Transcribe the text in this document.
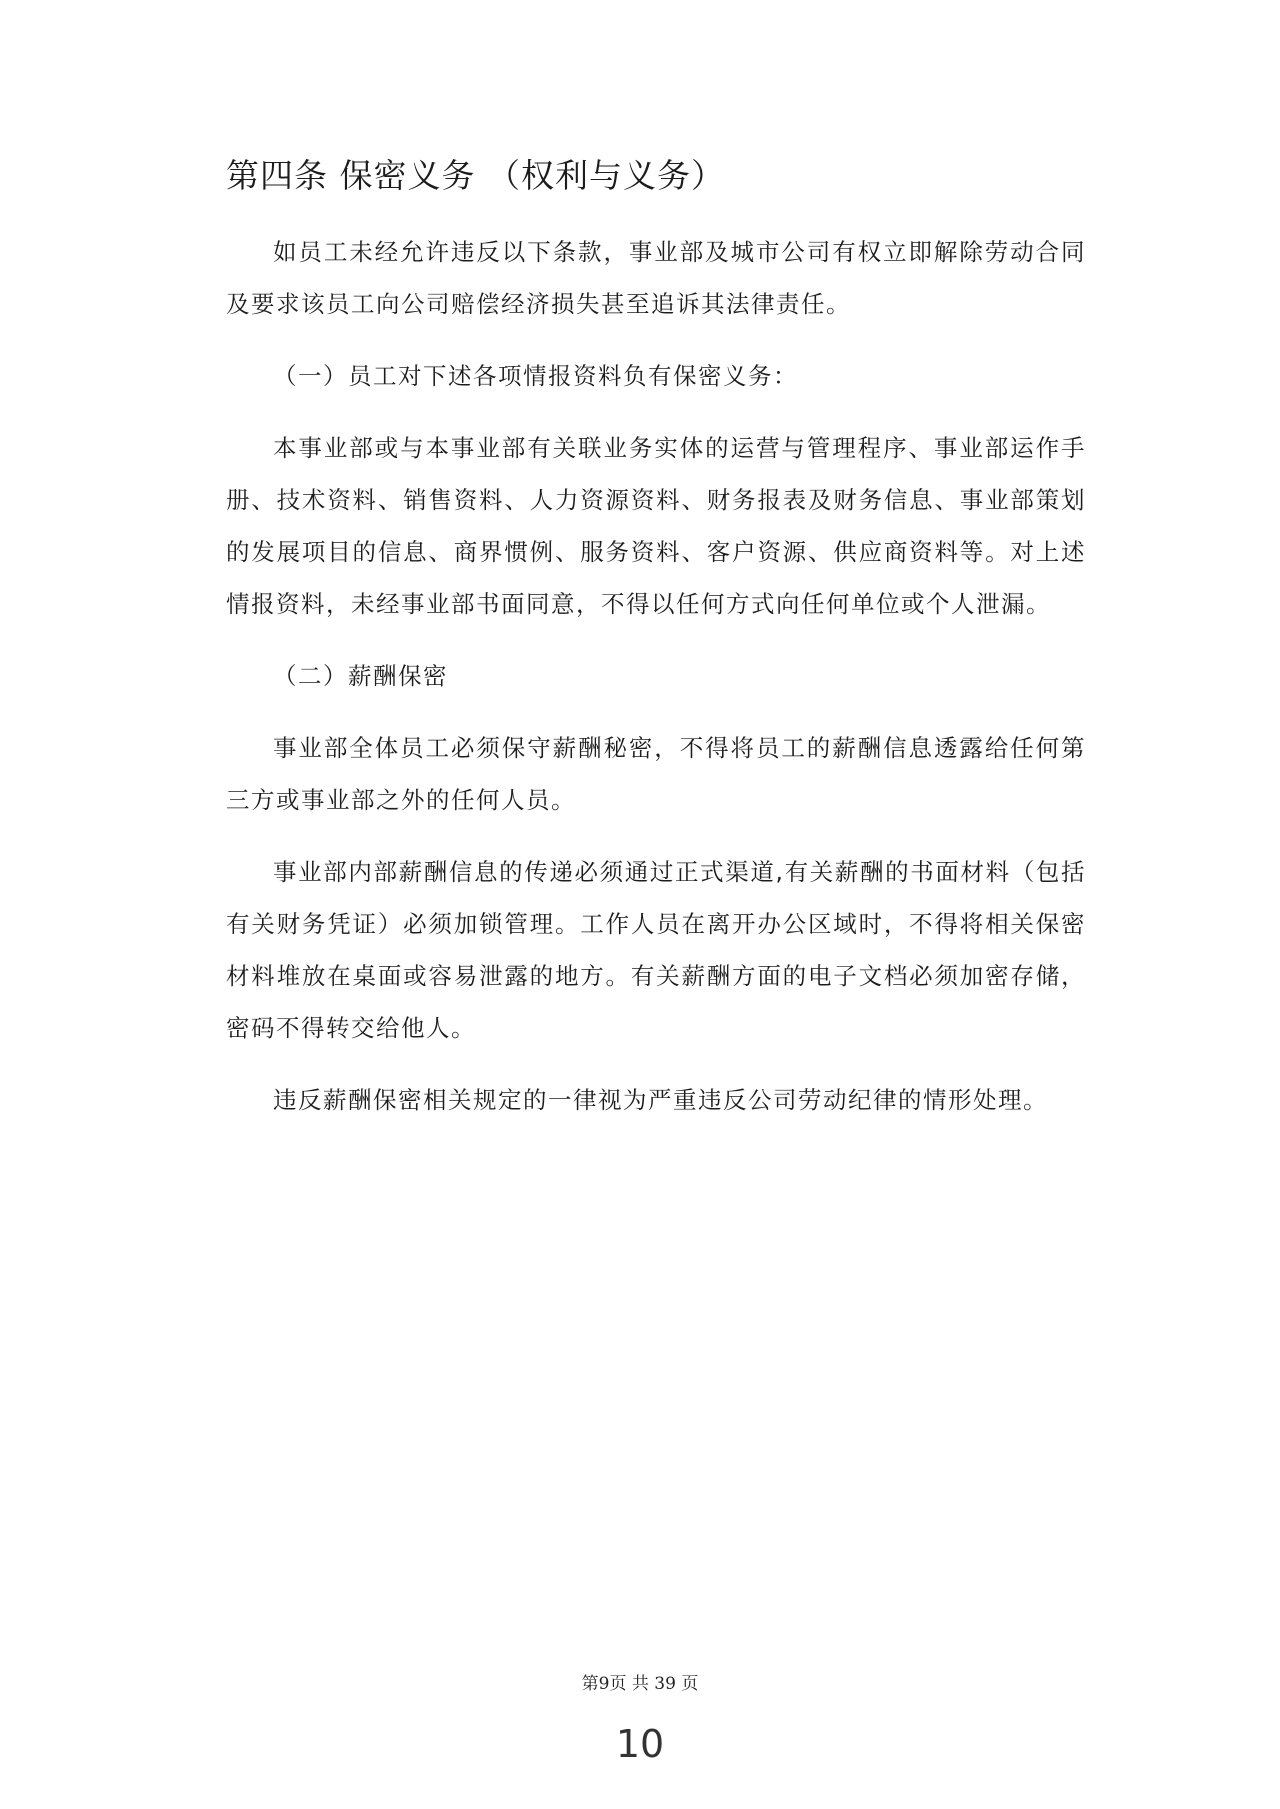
第四条 保密义务 （权利与义务）

如员工未经允许违反以下条款，事业部及城市公司有权立即解除劳动合同及要求该员工向公司赔偿经济损失甚至追诉其法律责任。

（一）员工对下述各项情报资料负有保密义务：

本事业部或与本事业部有关联业务实体的运营与管理程序、事业部运作手册、技术资料、销售资料、人力资源资料、财务报表及财务信息、事业部策划的发展项目的信息、商界惯例、服务资料、客户资源、供应商资料等。对上述情报资料，未经事业部书面同意，不得以任何方式向任何单位或个人泄漏。

（二）薪酬保密

事业部全体员工必须保守薪酬秘密，不得将员工的薪酬信息透露给任何第三方或事业部之外的任何人员。

事业部内部薪酬信息的传递必须通过正式渠道,有关薪酬的书面材料（包括有关财务凭证）必须加锁管理。工作人员在离开办公区域时，不得将相关保密材料堆放在桌面或容易泄露的地方。有关薪酬方面的电子文档必须加密存储，密码不得转交给他人。

违反薪酬保密相关规定的一律视为严重违反公司劳动纪律的情形处理。

第9页 共 39 页
10
